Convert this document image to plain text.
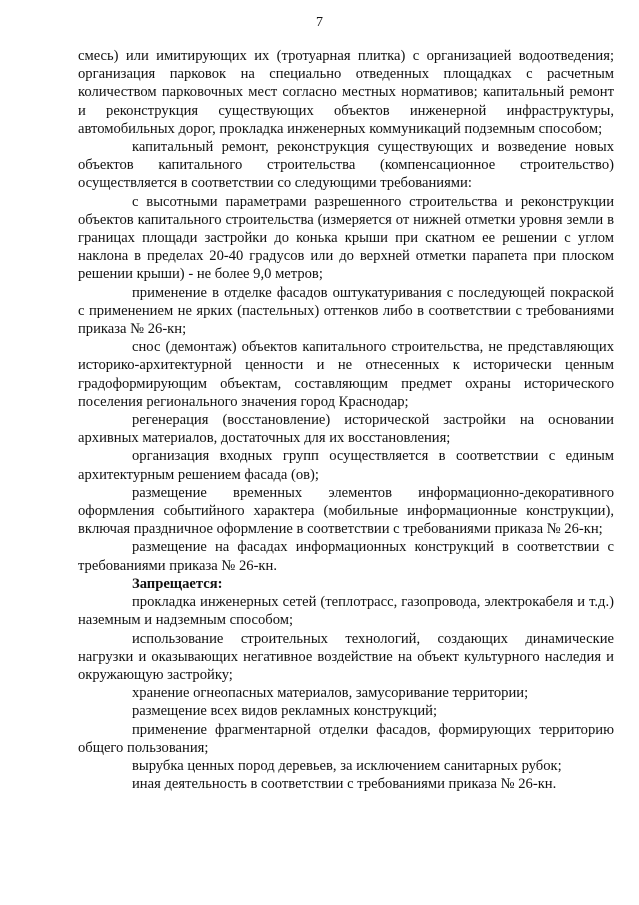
7

смесь) или имитирующих их (тротуарная плитка) с организацией водоотведения; организация парковок на специально отведенных площадках с расчетным количеством парковочных мест согласно местных нормативов; капитальный ремонт и реконструкция существующих объектов инженерной инфраструктуры, автомобильных дорог, прокладка инженерных коммуникаций подземным способом;

капитальный ремонт, реконструкция существующих и возведение новых объектов капитального строительства (компенсационное строительство) осуществляется в соответствии со следующими требованиями:

с высотными параметрами разрешенного строительства и реконструкции объектов капитального строительства (измеряется от нижней отметки уровня земли в границах площади застройки до конька крыши при скатном ее решении с углом наклона в пределах 20-40 градусов или до верхней отметки парапета при плоском решении крыши) - не более 9,0 метров;

применение в отделке фасадов оштукатуривания с последующей покраской с применением не ярких (пастельных) оттенков либо в соответствии с требованиями приказа № 26-кн;

снос (демонтаж) объектов капитального строительства, не представляющих историко-архитектурной ценности и не отнесенных к исторически ценным градоформирующим объектам, составляющим предмет охраны исторического поселения регионального значения город Краснодар;

регенерация (восстановление) исторической застройки на основании архивных материалов, достаточных для их восстановления;

организация входных групп осуществляется в соответствии с единым архитектурным решением фасада (ов);

размещение временных элементов информационно-декоративного оформления событийного характера (мобильные информационные конструкции), включая праздничное оформление в соответствии с требованиями приказа № 26-кн;

размещение на фасадах информационных конструкций в соответствии с требованиями приказа № 26-кн.

Запрещается:

прокладка инженерных сетей (теплотрасс, газопровода, электрокабеля и т.д.) наземным и надземным способом;

использование строительных технологий, создающих динамические нагрузки и оказывающих негативное воздействие на объект культурного наследия и окружающую застройку;

хранение огнеопасных материалов, замусоривание территории;

размещение всех видов рекламных конструкций;

применение фрагментарной отделки фасадов, формирующих территорию общего пользования;

вырубка ценных пород деревьев, за исключением санитарных рубок;

иная деятельность в соответствии с требованиями приказа № 26-кн.
